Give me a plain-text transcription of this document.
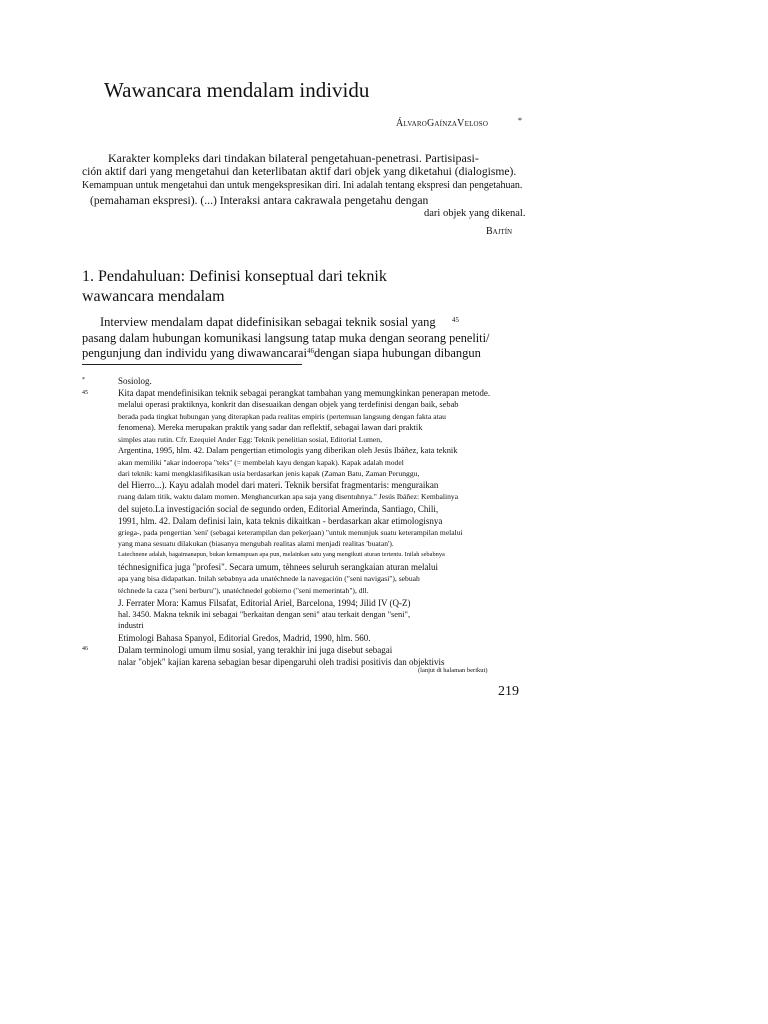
Wawancara mendalam individu
ÁlvaroGaínzaVeloso	*
Karakter kompleks dari tindakan bilateral pengetahuan-penetrasi. Partisipasi-
ción aktif dari yang mengetahui dan keterlibatan aktif dari objek yang diketahui (dialogisme).
Kemampuan untuk mengetahui dan untuk mengekspresikan diri. Ini adalah tentang ekspresi dan pengetahuan.
(pemahaman ekspresi). (...) Interaksi antara cakrawala pengetahu dengan
dari objek yang dikenal.
Bajtín
1. Pendahuluan: Definisi konseptual dari teknik
wawancara mendalam
Interview mendalam dapat didefinisikan sebagai teknik sosial yang 45
pasang dalam hubungan komunikasi langsung tatap muka dengan seorang peneliti/
pengunjung dan individu yang diwawancarai$^{46}$dengan siapa hubungan dibangun
*
45
46
Sosiolog.
Kita dapat mendefinisikan teknik sebagai perangkat tambahan yang memungkinkan penerapan metode.
melalui operasi praktiknya, konkrit dan disesuaikan dengan objek yang terdefinisi dengan baik, sebab
berada pada tingkat hubungan yang diterapkan pada realitas empiris (pertemuan langsung dengan fakta atau
fenomena). Mereka merupakan praktik yang sadar dan reflektif, sebagai lawan dari praktik
simples atau rutin. Cfr. Ezequiel Ander Egg: Teknik penelitian sosial, Editorial Lumen,
Argentina, 1995, hlm. 42. Dalam pengertian etimologis yang diberikan oleh Jesús Ibáñez, kata teknik
akan memiliki "akar indoeropa "teks" (= membelah kayu dengan kapak). Kapak adalah model
dari teknik: kami mengklasifikasikan usia berdasarkan jenis kapak (Zaman Batu, Zaman Perunggu,
del Hierro...). Kayu adalah model dari materi. Teknik bersifat fragmentaris: menguraikan
ruang dalam titik, waktu dalam momen. Menghancurkan apa saja yang disentuhnya." Jesús Ibáñez: Kembalinya
del sujeto.La investigación social de segundo orden, Editorial Amerinda, Santiago, Chili,
1991, hlm. 42. Dalam definisi lain, kata teknis dikaitkan - berdasarkan akar etimologisnya
griega-, pada pengertian 'seni' (sebagai keterampilan dan pekerjaan) "untuk menunjuk suatu keterampilan melalui
yang mana sesuatu dilakukan (biasanya mengubah realitas alami menjadi realitas 'buatan').
Latechnene adalah, bagaimanapun, bukan kemampuan apa pun, melainkan satu yang mengikuti aturan tertentu. Inilah sebabnya
téchnesignifica juga "profesi". Secara umum, tèhnees seluruh serangkaian aturan melalui
apa yang bisa didapatkan. Inilah sebabnya ada unatéchnede la navegación ("seni navigasi"), sebuah
téchnede la caza ("seni berburu"), unatéchnedel gobierno ("seni memerintah"), dll.
J. Ferrater Mora: Kamus Filsafat, Editorial Ariel, Barcelona, 1994; Jilid IV (Q-Z)
hal. 3450. Makna teknik ini sebagai "berkaitan dengan seni" atau terkait dengan "seni",
industri
Etimologi Bahasa Spanyol, Editorial Gredos, Madrid, 1990, hlm. 560.
Dalam terminologi umum ilmu sosial, yang terakhir ini juga disebut sebagai
nalar "objek" kajian karena sebagian besar dipengaruhi oleh tradisi positivis dan objektivis
(lanjut di halaman berikut)
219
